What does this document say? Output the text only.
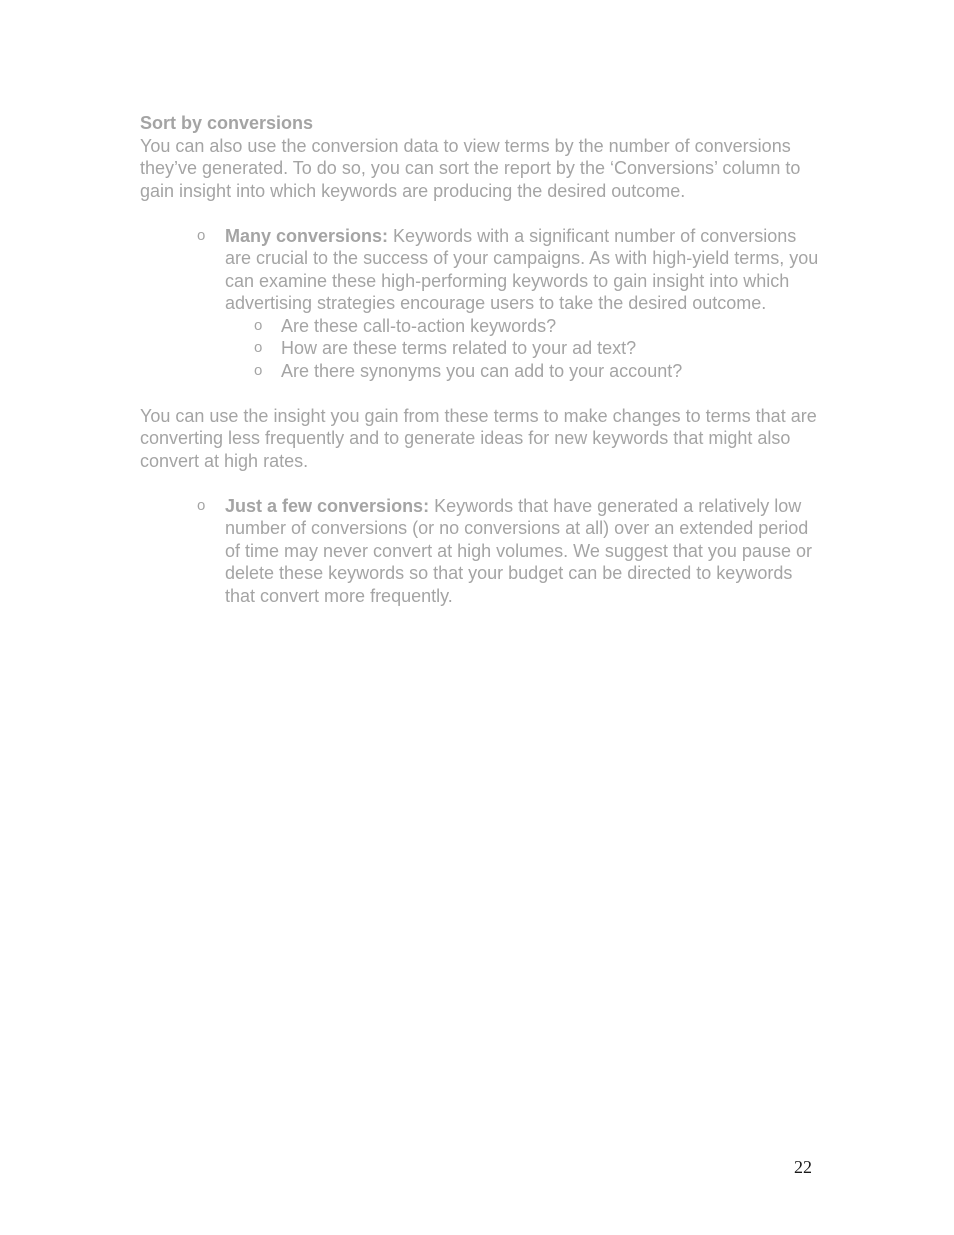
Sort by conversions

You can also use the conversion data to view terms by the number of conversions they’ve generated. To do so, you can sort the report by the ‘Conversions’ column to gain insight into which keywords are producing the desired outcome.

o Many conversions: Keywords with a significant number of conversions are crucial to the success of your campaigns. As with high-yield terms, you can examine these high-performing keywords to gain insight into which advertising strategies encourage users to take the desired outcome.
o Are these call-to-action keywords?
o How are these terms related to your ad text?
o Are there synonyms you can add to your account?

You can use the insight you gain from these terms to make changes to terms that are converting less frequently and to generate ideas for new keywords that might also convert at high rates.

o Just a few conversions: Keywords that have generated a relatively low number of conversions (or no conversions at all) over an extended period of time may never convert at high volumes. We suggest that you pause or delete these keywords so that your budget can be directed to keywords that convert more frequently.
22
